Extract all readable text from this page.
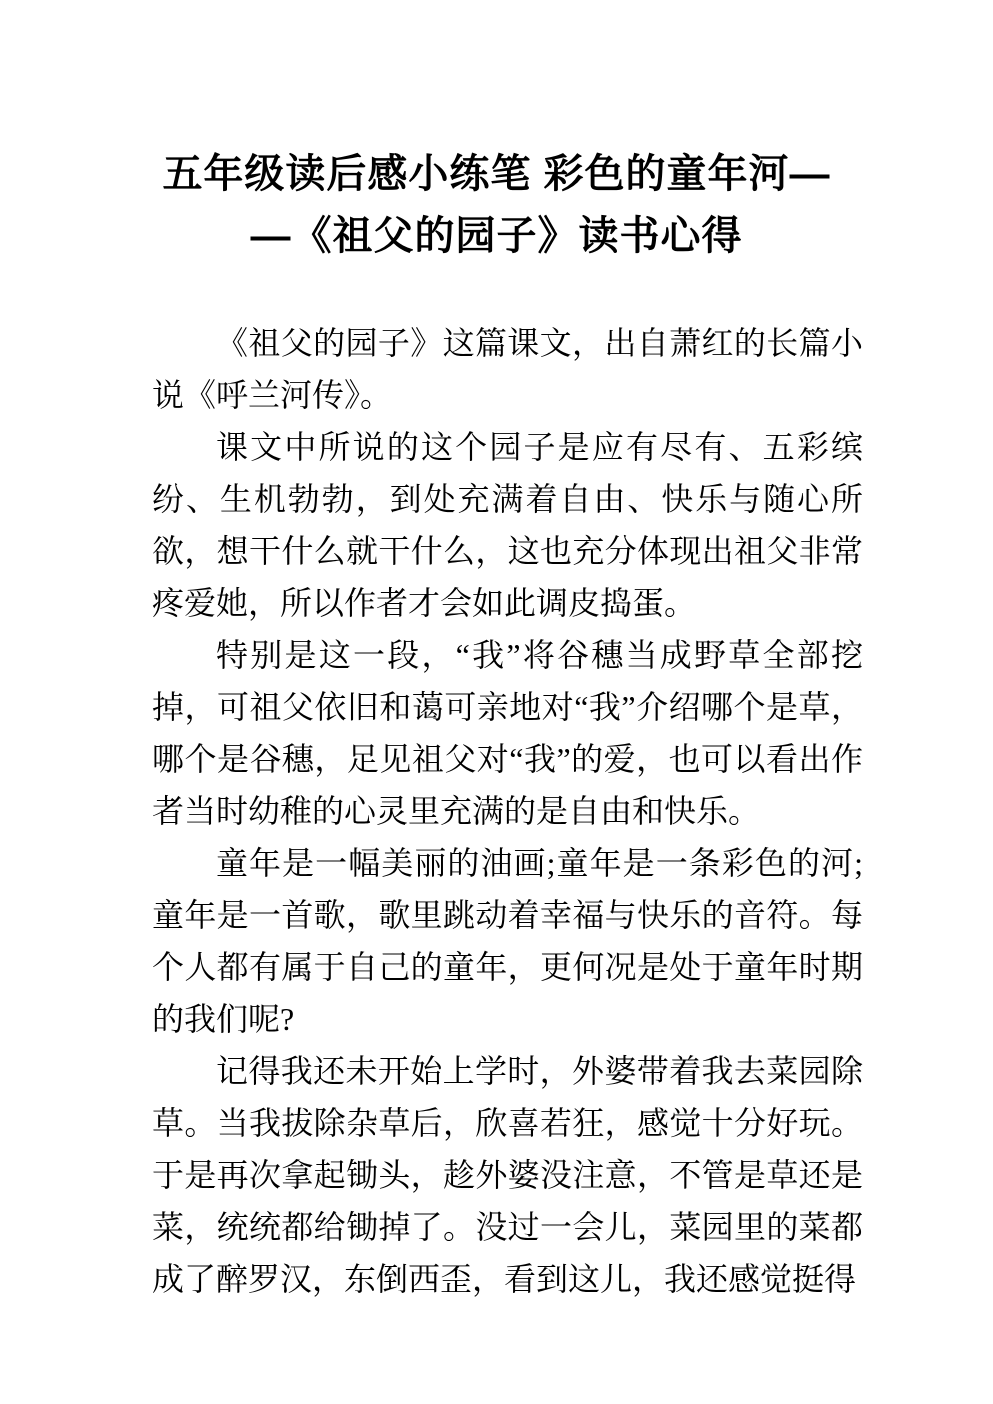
五年级读后感小练笔 彩色的童年河—
—《祖父的园子》读书心得

《祖父的园子》这篇课文，出自萧红的长篇小说《呼兰河传》。

课文中所说的这个园子是应有尽有、五彩缤纷、生机勃勃，到处充满着自由、快乐与随心所欲，想干什么就干什么，这也充分体现出祖父非常疼爱她，所以作者才会如此调皮捣蛋。

特别是这一段，“我”将谷穗当成野草全部挖掉，可祖父依旧和蔼可亲地对“我”介绍哪个是草，哪个是谷穗，足见祖父对“我”的爱，也可以看出作者当时幼稚的心灵里充满的是自由和快乐。

童年是一幅美丽的油画;童年是一条彩色的河;童年是一首歌，歌里跳动着幸福与快乐的音符。每个人都有属于自己的童年，更何况是处于童年时期的我们呢?

记得我还未开始上学时，外婆带着我去菜园除草。当我拔除杂草后，欣喜若狂，感觉十分好玩。于是再次拿起锄头，趁外婆没注意，不管是草还是菜，统统都给锄掉了。没过一会儿，菜园里的菜都成了醉罗汉，东倒西歪，看到这儿，我还感觉挺得
